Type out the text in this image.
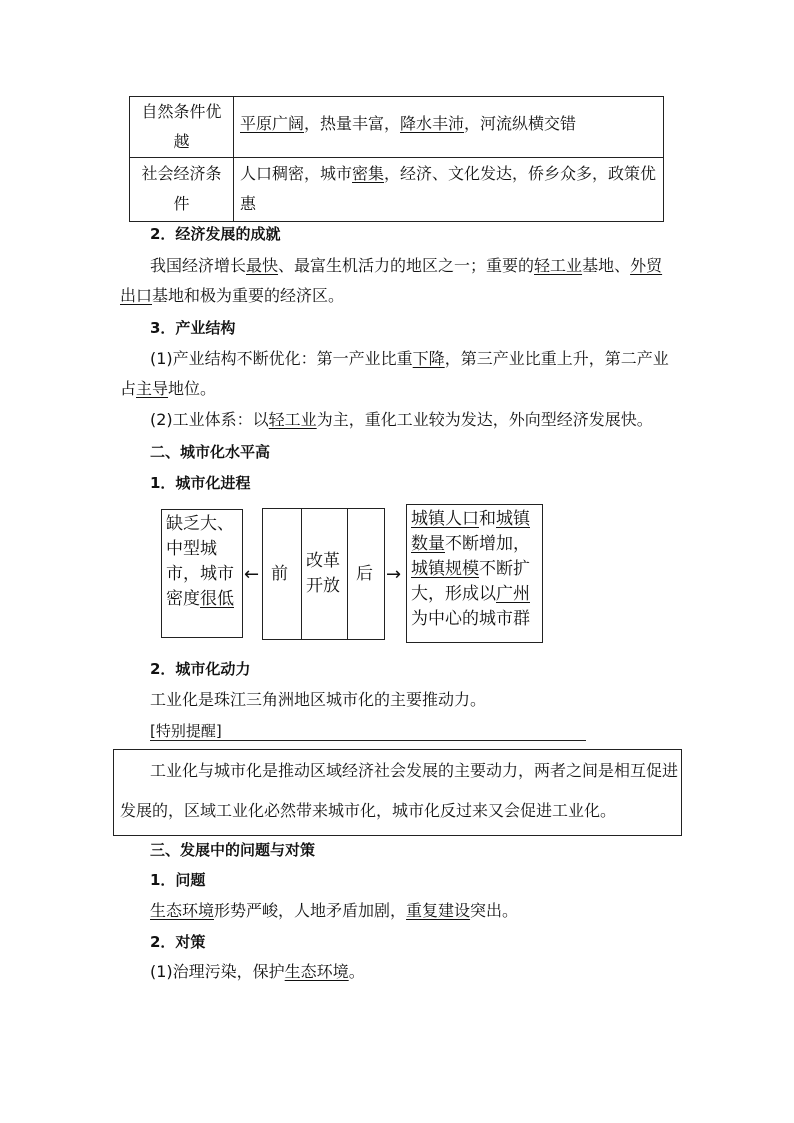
自然条件优
越
平原广阔，热量丰富，降水丰沛，河流纵横交错
社会经济条
件
人口稠密，城市密集，经济、文化发达，侨乡众多，政策优
惠
2．经济发展的成就
我国经济增长最快、最富生机活力的地区之一；重要的轻工业基地、外贸
出口基地和极为重要的经济区。
3．产业结构
(1)产业结构不断优化：第一产业比重下降，第三产业比重上升，第二产业
占主导地位。
(2)工业体系：以轻工业为主，重化工业较为发达，外向型经济发展快。
二、城市化水平高
1．城市化进程
缺乏大、
中型城
市，城市
密度很低
← 前
改革
开放
后 →
城镇人口和城镇
数量不断增加，
城镇规模不断扩
大，形成以广州
为中心的城市群
2．城市化动力
工业化是珠江三角洲地区城市化的主要推动力。
[特别提醒]
工业化与城市化是推动区域经济社会发展的主要动力，两者之间是相互促进
发展的，区域工业化必然带来城市化，城市化反过来又会促进工业化。
三、发展中的问题与对策
1．问题
生态环境形势严峻，人地矛盾加剧，重复建设突出。
2．对策
(1)治理污染，保护生态环境。
